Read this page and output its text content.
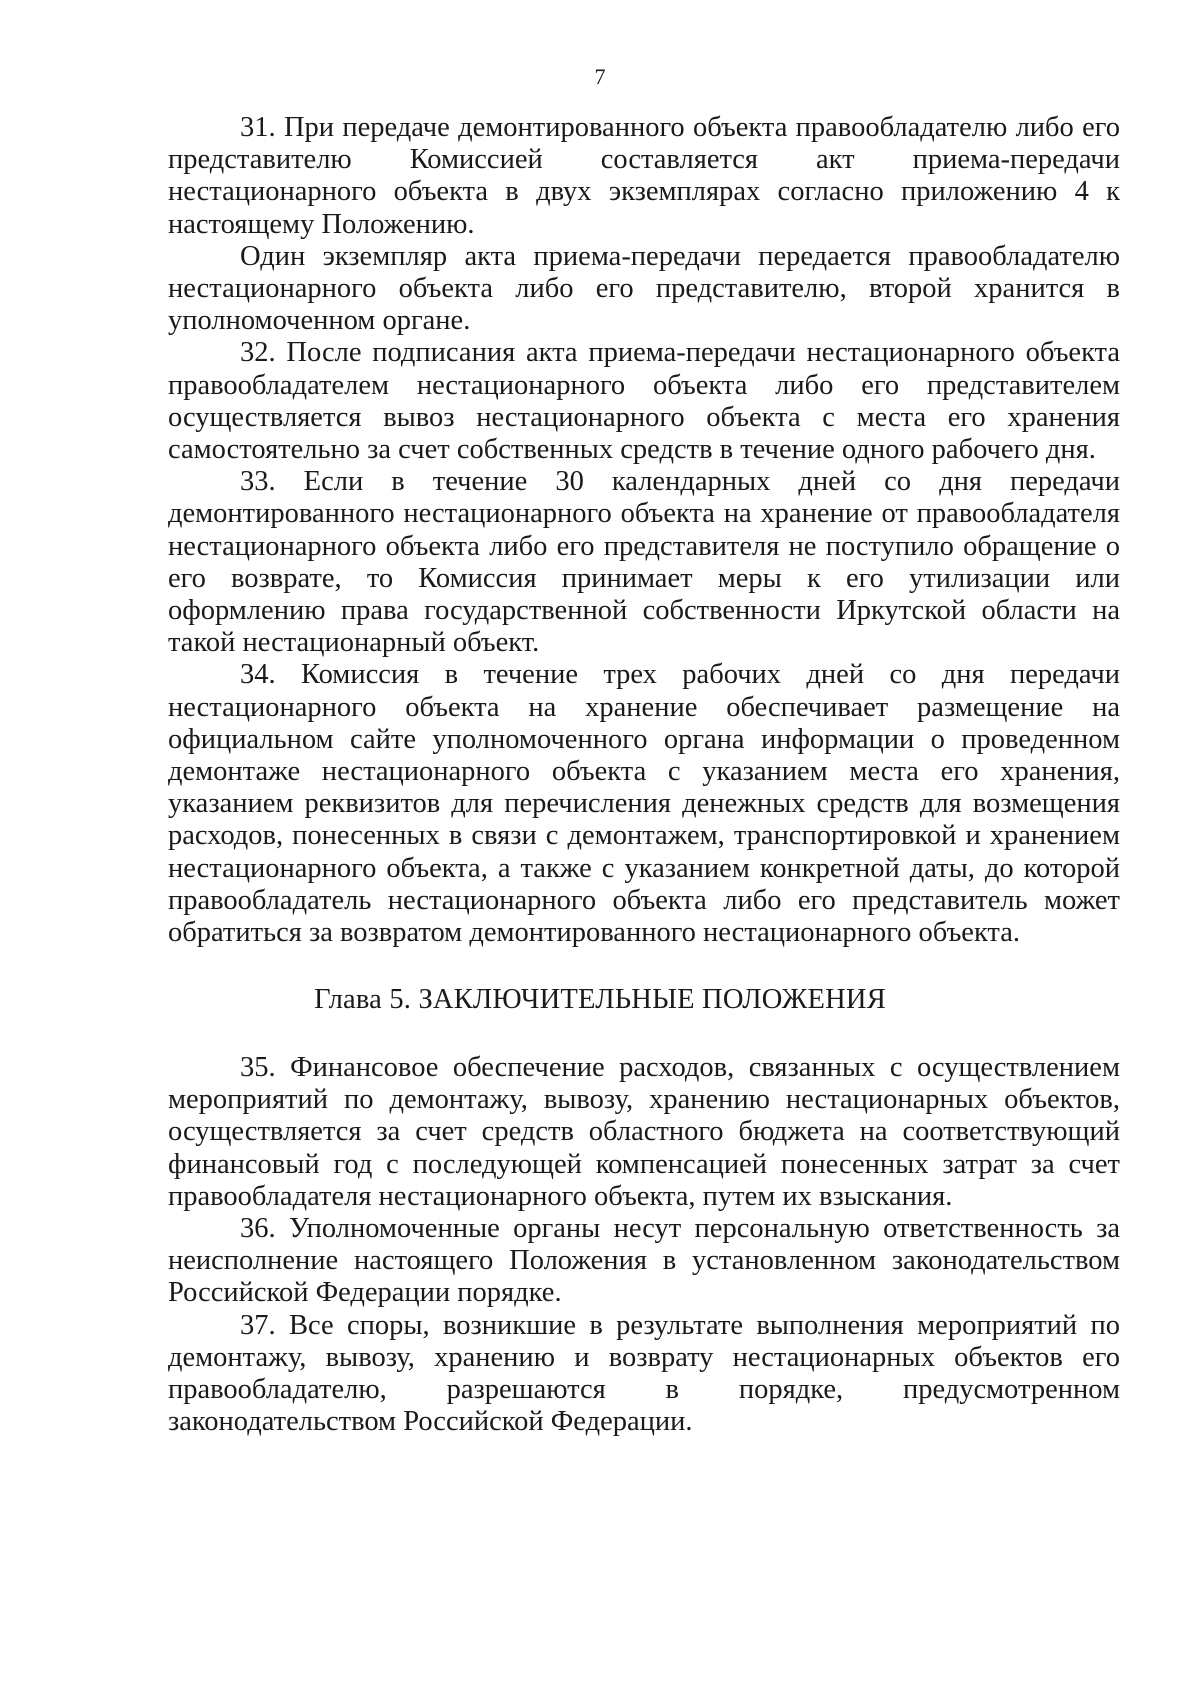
7

31. При передаче демонтированного объекта правообладателю либо его представителю Комиссией составляется акт приема-передачи нестационарного объекта в двух экземплярах согласно приложению 4 к настоящему Положению.

Один экземпляр акта приема-передачи передается правообладателю нестационарного объекта либо его представителю, второй хранится в уполномоченном органе.

32. После подписания акта приема-передачи нестационарного объекта правообладателем нестационарного объекта либо его представителем осуществляется вывоз нестационарного объекта с места его хранения самостоятельно за счет собственных средств в течение одного рабочего дня.

33. Если в течение 30 календарных дней со дня передачи демонтированного нестационарного объекта на хранение от правообладателя нестационарного объекта либо его представителя не поступило обращение о его возврате, то Комиссия принимает меры к его утилизации или оформлению права государственной собственности Иркутской области на такой нестационарный объект.

34. Комиссия в течение трех рабочих дней со дня передачи нестационарного объекта на хранение обеспечивает размещение на официальном сайте уполномоченного органа информации о проведенном демонтаже нестационарного объекта с указанием места его хранения, указанием реквизитов для перечисления денежных средств для возмещения расходов, понесенных в связи с демонтажем, транспортировкой и хранением нестационарного объекта, а также с указанием конкретной даты, до которой правообладатель нестационарного объекта либо его представитель может обратиться за возвратом демонтированного нестационарного объекта.

Глава 5. ЗАКЛЮЧИТЕЛЬНЫЕ ПОЛОЖЕНИЯ

35. Финансовое обеспечение расходов, связанных с осуществлением мероприятий по демонтажу, вывозу, хранению нестационарных объектов, осуществляется за счет средств областного бюджета на соответствующий финансовый год с последующей компенсацией понесенных затрат за счет правообладателя нестационарного объекта, путем их взыскания.

36. Уполномоченные органы несут персональную ответственность за неисполнение настоящего Положения в установленном законодательством Российской Федерации порядке.

37. Все споры, возникшие в результате выполнения мероприятий по демонтажу, вывозу, хранению и возврату нестационарных объектов его правообладателю, разрешаются в порядке, предусмотренном законодательством Российской Федерации.
